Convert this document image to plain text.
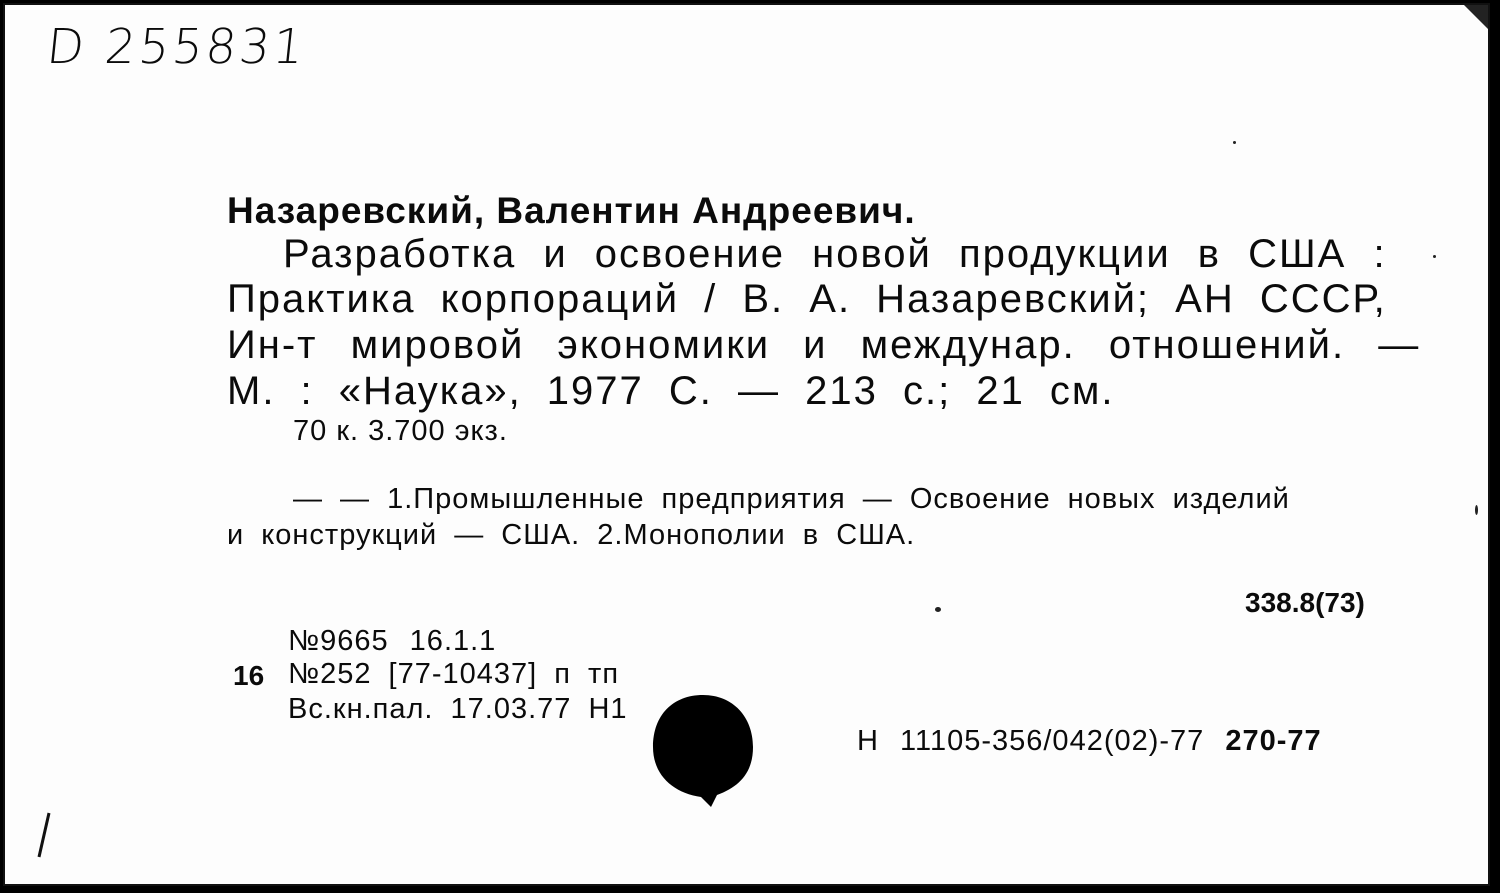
D 255831

Назаревский, Валентин Андреевич.

Разработка и освоение новой продукции в США :

Практика корпораций / В. А. Назаревский; АН СССР,

Ин-т мировой экономики и междунар. отношений. —

М. : «Наука», 1977 С. — 213 с.; 21 см.

70 к. 3.700 экз.

— — 1.Промышленные предприятия — Освоение новых изделий

и конструкций — США. 2.Монополии в США.

338.8(73)

№9665 16.1.1

16 №252 [77-10437] п тп

Вс.кн.пал. 17.03.77 Н1

Н 11105-356/042(02)-77 270-77
